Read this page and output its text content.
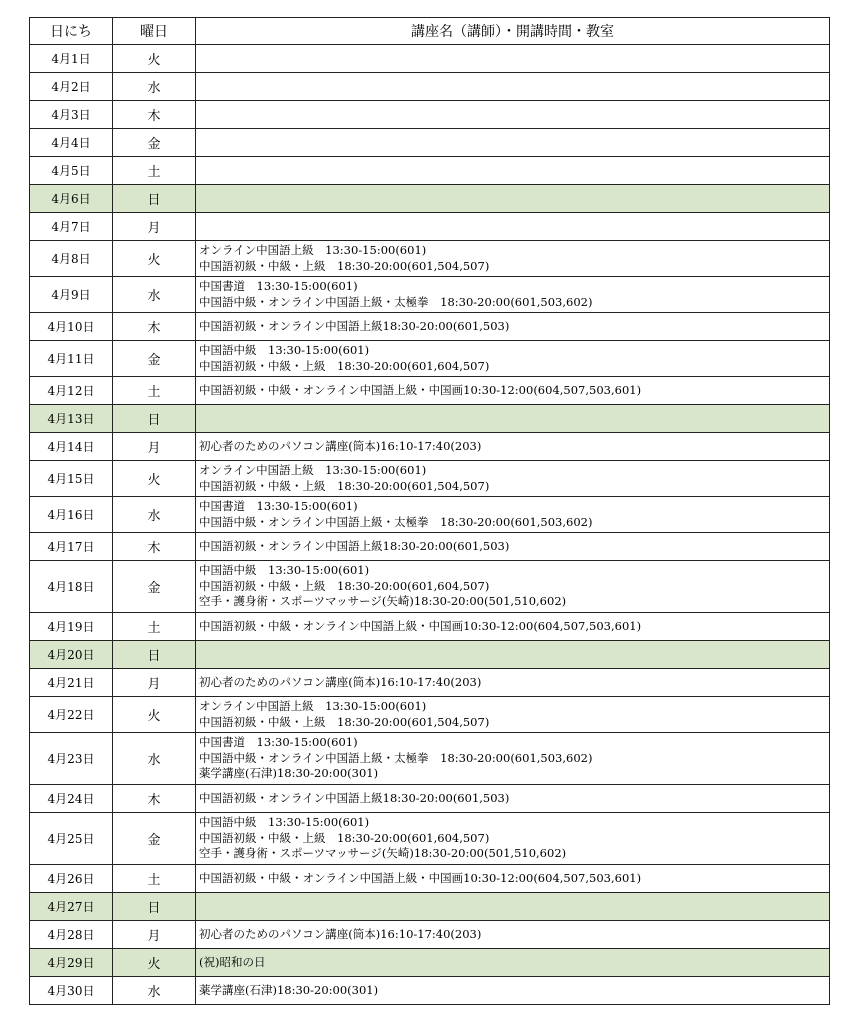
日にち	曜日	講座名（講師）・開講時間・教室
4月1日	火	
4月2日	水	
4月3日	木	
4月4日	金	
4月5日	土	
4月6日	日	
4月7日	月	
4月8日	火	オンライン中国語上級　13:30-15:00(601)
中国語初級・中級・上級　18:30-20:00(601,504,507)

4月9日	水	中国書道　13:30-15:00(601)
中国語中級・オンライン中国語上級・太極拳　18:30-20:00(601,503,602)

4月10日	木	中国語初級・オンライン中国語上級18:30-20:00(601,503)

4月11日	金	中国語中級　13:30-15:00(601)
中国語初級・中級・上級　18:30-20:00(601,604,507)

4月12日	土	中国語初級・中級・オンライン中国語上級・中国画10:30-12:00(604,507,503,601)

4月13日	日	
4月14日	月	初心者のためのパソコン講座(筒本)16:10-17:40(203)

4月15日	火	オンライン中国語上級　13:30-15:00(601)
中国語初級・中級・上級　18:30-20:00(601,504,507)

4月16日	水	中国書道　13:30-15:00(601)
中国語中級・オンライン中国語上級・太極拳　18:30-20:00(601,503,602)

4月17日	木	中国語初級・オンライン中国語上級18:30-20:00(601,503)

4月18日	金	中国語中級　13:30-15:00(601)
中国語初級・中級・上級　18:30-20:00(601,604,507)
空手・護身術・スポーツマッサージ(矢崎)18:30-20:00(501,510,602)

4月19日	土	中国語初級・中級・オンライン中国語上級・中国画10:30-12:00(604,507,503,601)

4月20日	日	
4月21日	月	初心者のためのパソコン講座(筒本)16:10-17:40(203)

4月22日	火	オンライン中国語上級　13:30-15:00(601)
中国語初級・中級・上級　18:30-20:00(601,504,507)

4月23日	水	中国書道　13:30-15:00(601)
中国語中級・オンライン中国語上級・太極拳　18:30-20:00(601,503,602)
薬学講座(石津)18:30-20:00(301)

4月24日	木	中国語初級・オンライン中国語上級18:30-20:00(601,503)

4月25日	金	中国語中級　13:30-15:00(601)
中国語初級・中級・上級　18:30-20:00(601,604,507)
空手・護身術・スポーツマッサージ(矢崎)18:30-20:00(501,510,602)

4月26日	土	中国語初級・中級・オンライン中国語上級・中国画10:30-12:00(604,507,503,601)

4月27日	日	
4月28日	月	初心者のためのパソコン講座(筒本)16:10-17:40(203)

4月29日	火	(祝)昭和の日

4月30日	水	薬学講座(石津)18:30-20:00(301)
